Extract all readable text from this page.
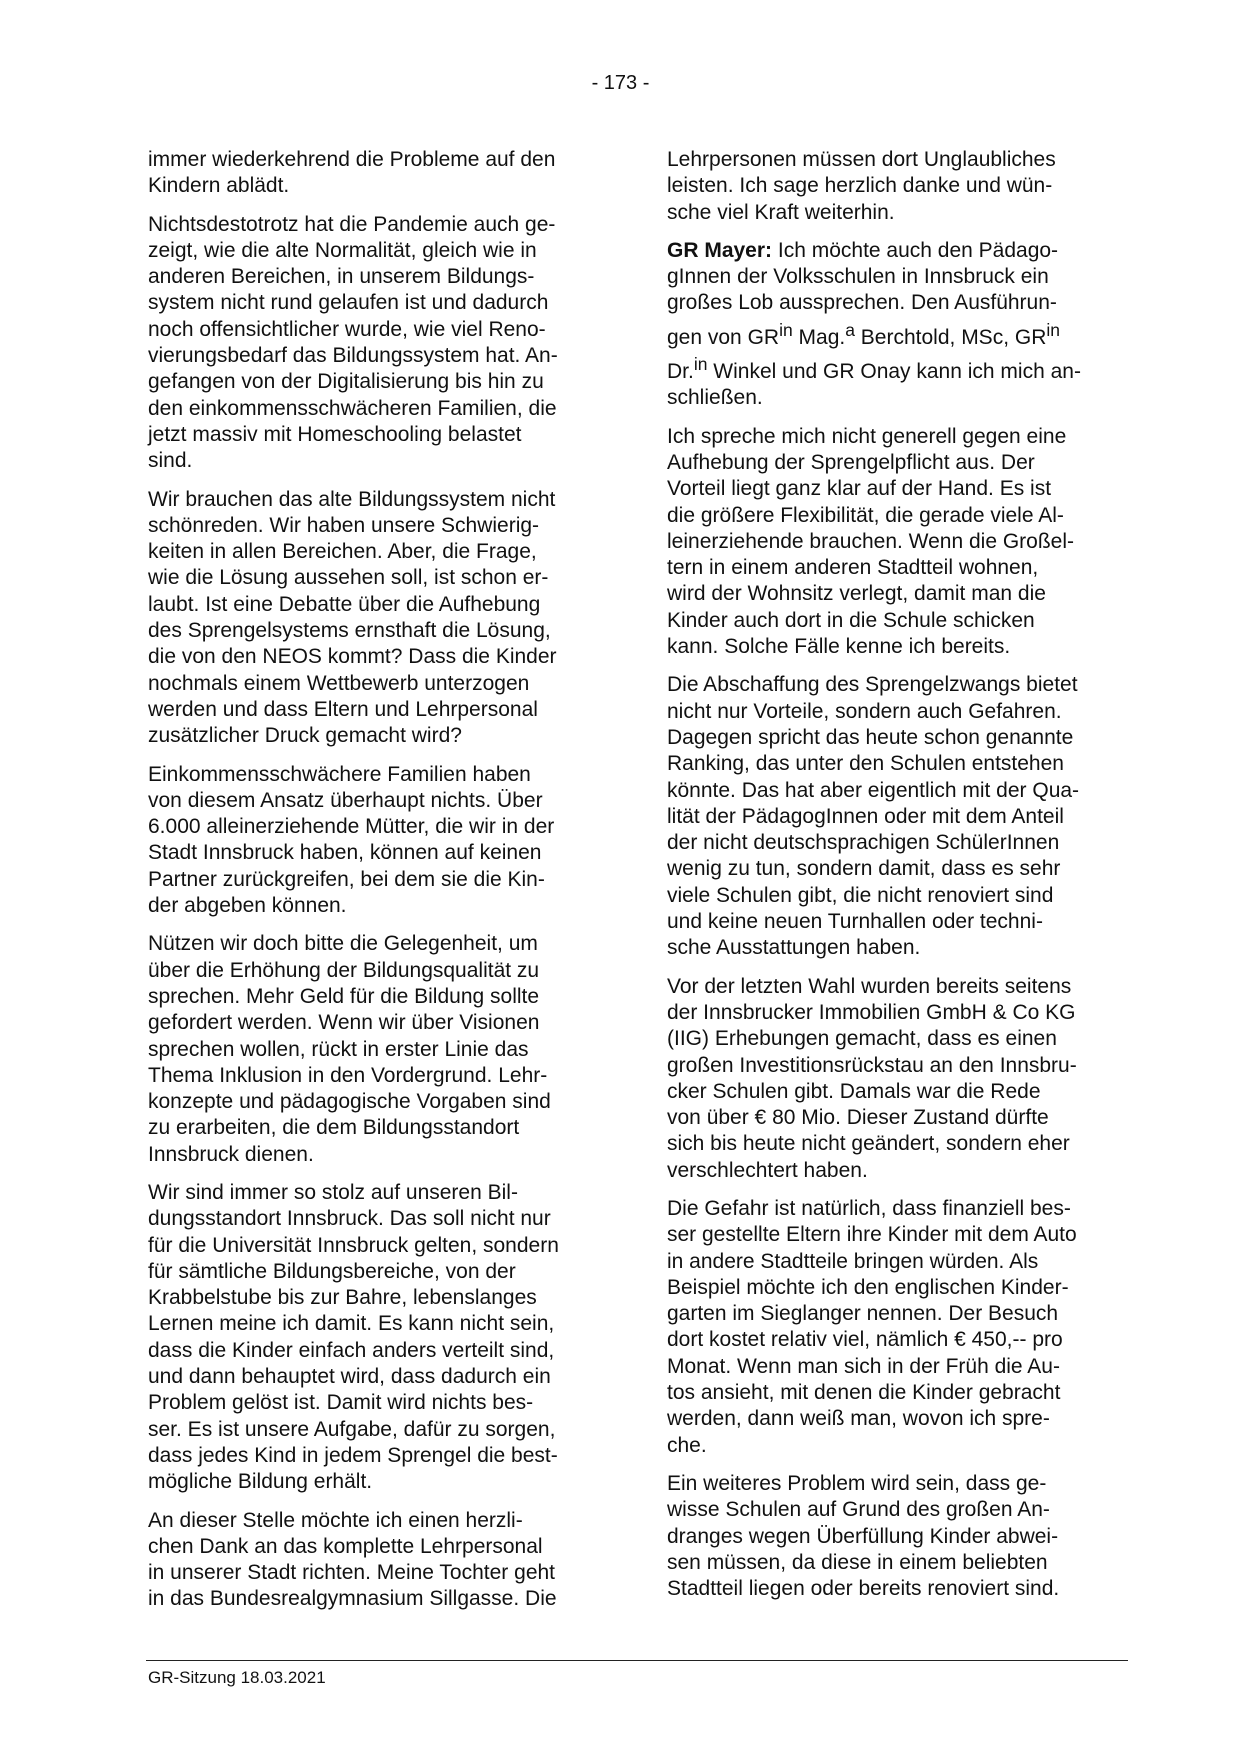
- 173 -

immer wiederkehrend die Probleme auf den
Kindern ablädt.

Nichtsdestotrotz hat die Pandemie auch ge-
zeigt, wie die alte Normalität, gleich wie in
anderen Bereichen, in unserem Bildungs-
system nicht rund gelaufen ist und dadurch
noch offensichtlicher wurde, wie viel Reno-
vierungsbedarf das Bildungssystem hat. An-
gefangen von der Digitalisierung bis hin zu
den einkommensschwächeren Familien, die
jetzt massiv mit Homeschooling belastet
sind.

Wir brauchen das alte Bildungssystem nicht
schönreden. Wir haben unsere Schwierig-
keiten in allen Bereichen. Aber, die Frage,
wie die Lösung aussehen soll, ist schon er-
laubt. Ist eine Debatte über die Aufhebung
des Sprengelsystems ernsthaft die Lösung,
die von den NEOS kommt? Dass die Kinder
nochmals einem Wettbewerb unterzogen
werden und dass Eltern und Lehrpersonal
zusätzlicher Druck gemacht wird?

Einkommensschwächere Familien haben
von diesem Ansatz überhaupt nichts. Über
6.000 alleinerziehende Mütter, die wir in der
Stadt Innsbruck haben, können auf keinen
Partner zurückgreifen, bei dem sie die Kin-
der abgeben können.

Nützen wir doch bitte die Gelegenheit, um
über die Erhöhung der Bildungsqualität zu
sprechen. Mehr Geld für die Bildung sollte
gefordert werden. Wenn wir über Visionen
sprechen wollen, rückt in erster Linie das
Thema Inklusion in den Vordergrund. Lehr-
konzepte und pädagogische Vorgaben sind
zu erarbeiten, die dem Bildungsstandort
Innsbruck dienen.

Wir sind immer so stolz auf unseren Bil-
dungsstandort Innsbruck. Das soll nicht nur
für die Universität Innsbruck gelten, sondern
für sämtliche Bildungsbereiche, von der
Krabbelstube bis zur Bahre, lebenslanges
Lernen meine ich damit. Es kann nicht sein,
dass die Kinder einfach anders verteilt sind,
und dann behauptet wird, dass dadurch ein
Problem gelöst ist. Damit wird nichts bes-
ser. Es ist unsere Aufgabe, dafür zu sorgen,
dass jedes Kind in jedem Sprengel die best-
mögliche Bildung erhält.

An dieser Stelle möchte ich einen herzli-
chen Dank an das komplette Lehrpersonal
in unserer Stadt richten. Meine Tochter geht
in das Bundesrealgymnasium Sillgasse. Die

Lehrpersonen müssen dort Unglaubliches
leisten. Ich sage herzlich danke und wün-
sche viel Kraft weiterhin.

GR Mayer: Ich möchte auch den Pädago-
gInnen der Volksschulen in Innsbruck ein
großes Lob aussprechen. Den Ausführun-
gen von $GR^{in}$ Mag.$^a$ Berchtold, MSc, $GR^{in}$
Dr.$^{in}$ Winkel und GR Onay kann ich mich an-
schließen.

Ich spreche mich nicht generell gegen eine
Aufhebung der Sprengelpflicht aus. Der
Vorteil liegt ganz klar auf der Hand. Es ist
die größere Flexibilität, die gerade viele Al-
leinerziehende brauchen. Wenn die Großel-
tern in einem anderen Stadtteil wohnen,
wird der Wohnsitz verlegt, damit man die
Kinder auch dort in die Schule schicken
kann. Solche Fälle kenne ich bereits.

Die Abschaffung des Sprengelzwangs bietet
nicht nur Vorteile, sondern auch Gefahren.
Dagegen spricht das heute schon genannte
Ranking, das unter den Schulen entstehen
könnte. Das hat aber eigentlich mit der Qua-
lität der PädagogInnen oder mit dem Anteil
der nicht deutschsprachigen SchülerInnen
wenig zu tun, sondern damit, dass es sehr
viele Schulen gibt, die nicht renoviert sind
und keine neuen Turnhallen oder techni-
sche Ausstattungen haben.

Vor der letzten Wahl wurden bereits seitens
der Innsbrucker Immobilien GmbH & Co KG
(IIG) Erhebungen gemacht, dass es einen
großen Investitionsrückstau an den Innsbru-
cker Schulen gibt. Damals war die Rede
von über € 80 Mio. Dieser Zustand dürfte
sich bis heute nicht geändert, sondern eher
verschlechtert haben.

Die Gefahr ist natürlich, dass finanziell bes-
ser gestellte Eltern ihre Kinder mit dem Auto
in andere Stadtteile bringen würden. Als
Beispiel möchte ich den englischen Kinder-
garten im Sieglanger nennen. Der Besuch
dort kostet relativ viel, nämlich € 450,-- pro
Monat. Wenn man sich in der Früh die Au-
tos ansieht, mit denen die Kinder gebracht
werden, dann weiß man, wovon ich spre-
che.

Ein weiteres Problem wird sein, dass ge-
wisse Schulen auf Grund des großen An-
dranges wegen Überfüllung Kinder abwei-
sen müssen, da diese in einem beliebten
Stadtteil liegen oder bereits renoviert sind.

GR-Sitzung 18.03.2021
